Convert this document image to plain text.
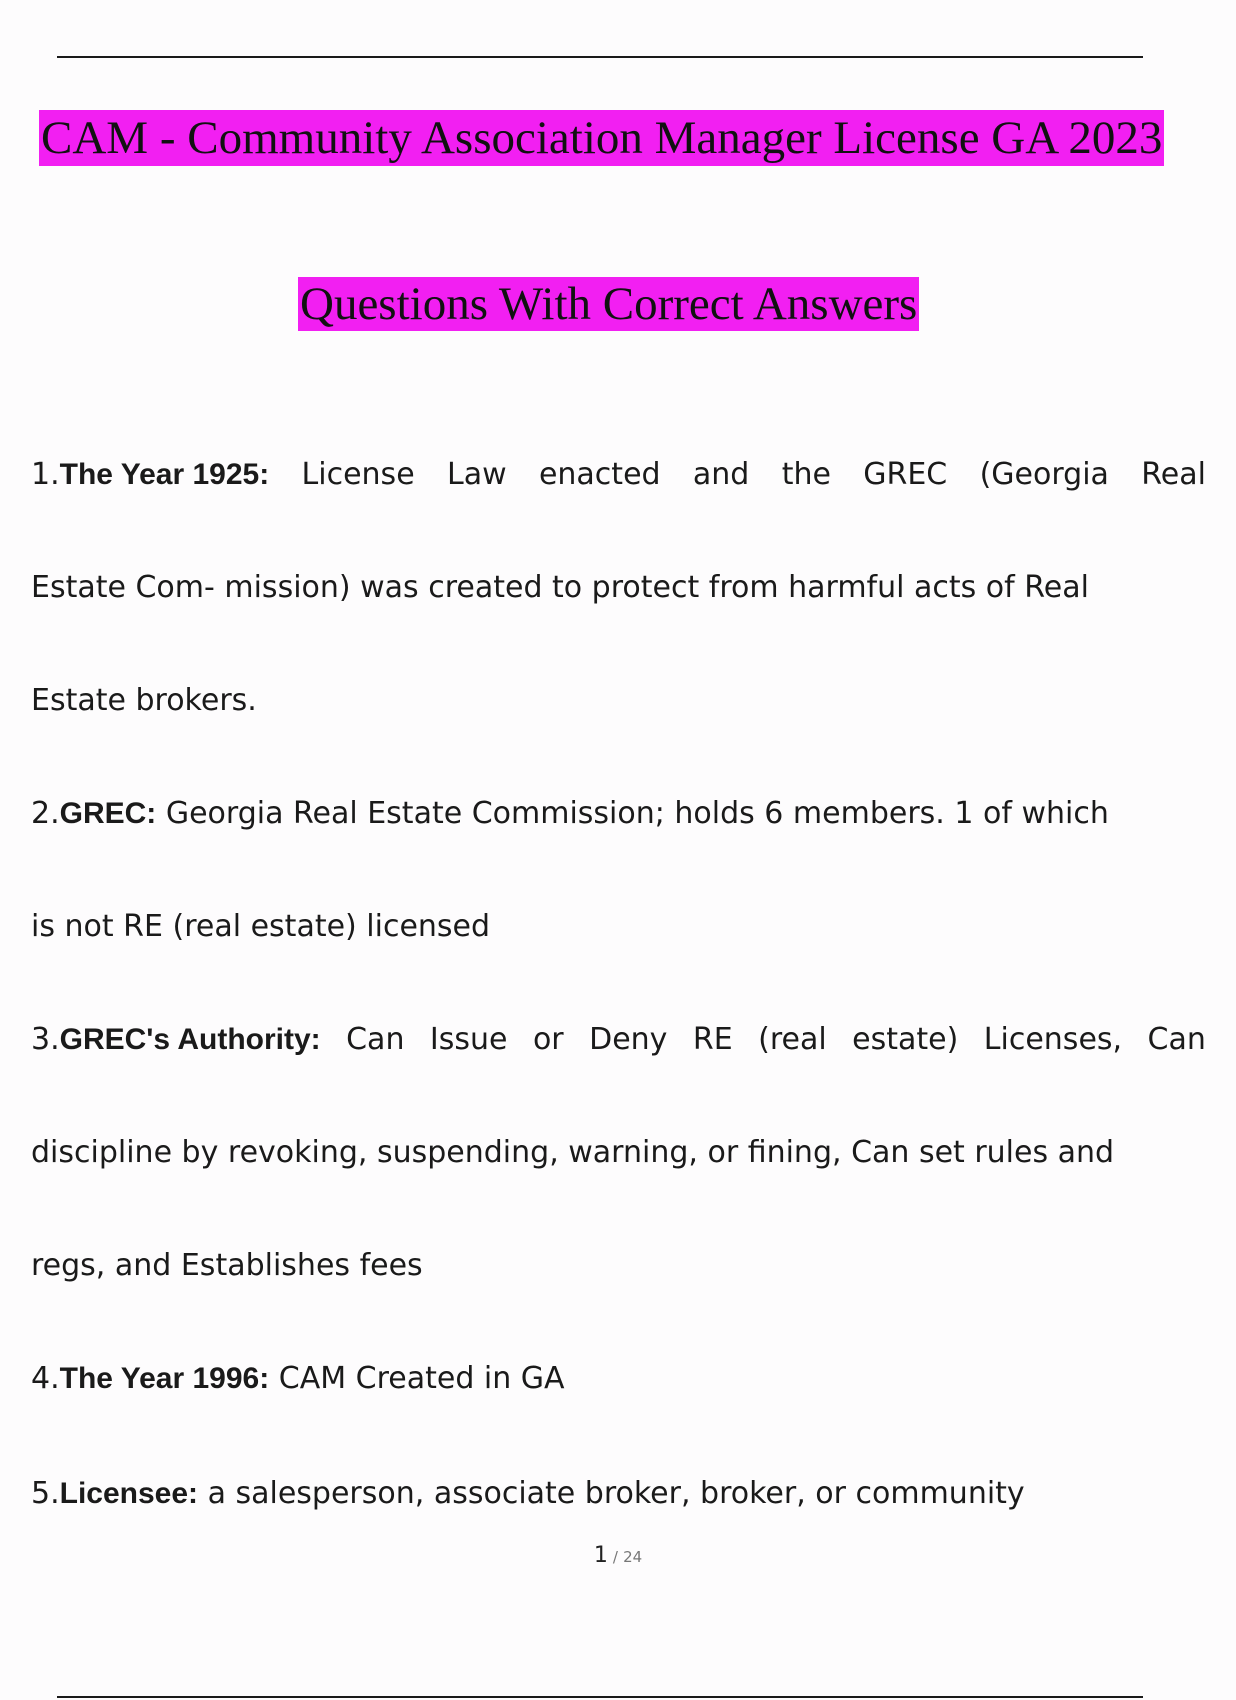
CAM - Community Association Manager License GA 2023
Questions With Correct Answers
1.The Year 1925: License Law enacted and the GREC (Georgia Real
Estate Com- mission) was created to protect from harmful acts of Real
Estate brokers.
2.GREC: Georgia Real Estate Commission; holds 6 members. 1 of which
is not RE (real estate) licensed
3.GREC's Authority: Can Issue or Deny RE (real estate) Licenses, Can
discipline by revoking, suspending, warning, or fining, Can set rules and
regs, and Establishes fees
4.The Year 1996: CAM Created in GA
5.Licensee: a salesperson, associate broker, broker, or community
1 / 24
